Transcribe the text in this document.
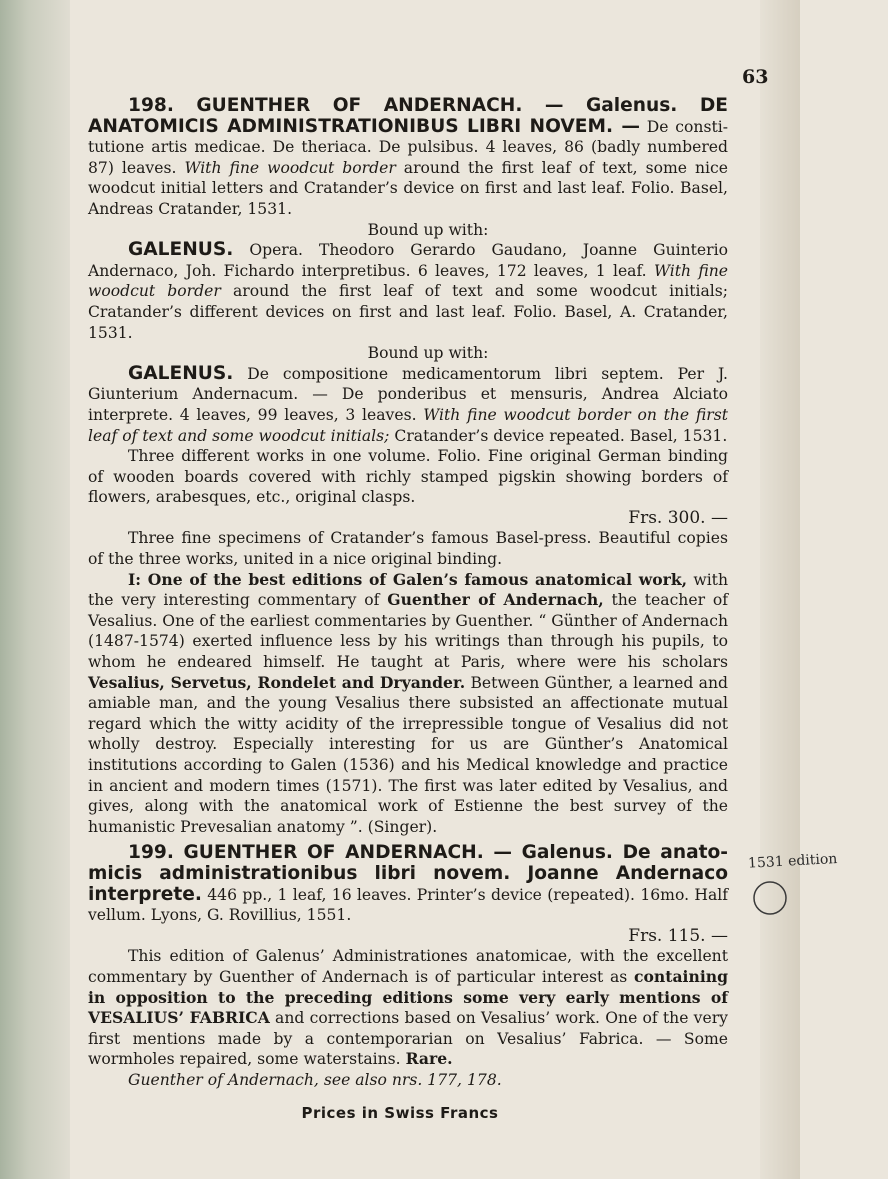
63

198. GUENTHER OF ANDERNACH. — Galenus. DE ANATOMICIS ADMINISTRATIONIBUS LIBRI NOVEM. — De constitutione artis medicae. De theriaca. De pulsibus. 4 leaves, 86 (badly numbered 87) leaves. With fine woodcut border around the first leaf of text, some nice woodcut initial letters and Cratander’s device on first and last leaf. Folio. Basel, Andreas Cratander, 1531.

Bound up with:

GALENUS. Opera. Theodoro Gerardo Gaudano, Joanne Guinterio Andernaco, Joh. Fichardo interpretibus. 6 leaves, 172 leaves, 1 leaf. With fine woodcut border around the first leaf of text and some woodcut initials; Cratander’s different devices on first and last leaf. Folio. Basel, A. Cratander, 1531.

Bound up with:

GALENUS. De compositione medicamentorum libri septem. Per J. Giunterium Andernacum. — De ponderibus et mensuris, Andrea Alciato interprete. 4 leaves, 99 leaves, 3 leaves. With fine woodcut border on the first leaf of text and some woodcut initials; Cratander’s device repeated. Basel, 1531.

Three different works in one volume. Folio. Fine original German binding of wooden boards covered with richly stamped pigskin showing borders of flowers, arabesques, etc., original clasps.

Frs. 300. —

Three fine specimens of Cratander’s famous Basel-press. Beautiful copies of the three works, united in a nice original binding.

I: One of the best editions of Galen’s famous anatomical work, with the very interesting commentary of Guenther of Andernach, the teacher of Vesalius. One of the earliest commentaries by Guenther. “ Günther of Andernach (1487-1574) exerted influence less by his writings than through his pupils, to whom he endeared himself. He taught at Paris, where were his scholars Vesalius, Servetus, Rondelet and Dryander. Between Günther, a learned and amiable man, and the young Vesalius there subsisted an affectionate mutual regard which the witty acidity of the irrepressible tongue of Vesalius did not wholly destroy. Especially interesting for us are Günther’s Anatomical institutions according to Galen (1536) and his Medical knowledge and practice in ancient and modern times (1571). The first was later edited by Vesalius, and gives, along with the anatomical work of Estienne the best survey of the humanistic Prevesalian anatomy ”. (Singer).

199. GUENTHER OF ANDERNACH. — Galenus. De anatomicis administrationibus libri novem. Joanne Andernaco interprete. 446 pp., 1 leaf, 16 leaves. Printer’s device (repeated). 16mo. Half vellum. Lyons, G. Rovillius, 1551.

Frs. 115. —

This edition of Galenus’ Administrationes anatomicae, with the excellent commentary by Guenther of Andernach is of particular interest as containing in opposition to the preceding editions some very early mentions of VESALIUS’ FABRICA and corrections based on Vesalius’ work. One of the very first mentions made by a contemporarian on Vesalius’ Fabrica. — Some wormholes repaired, some waterstains. Rare.

Guenther of Andernach, see also nrs. 177, 178.

1531 edition
Prices in Swiss Francs
